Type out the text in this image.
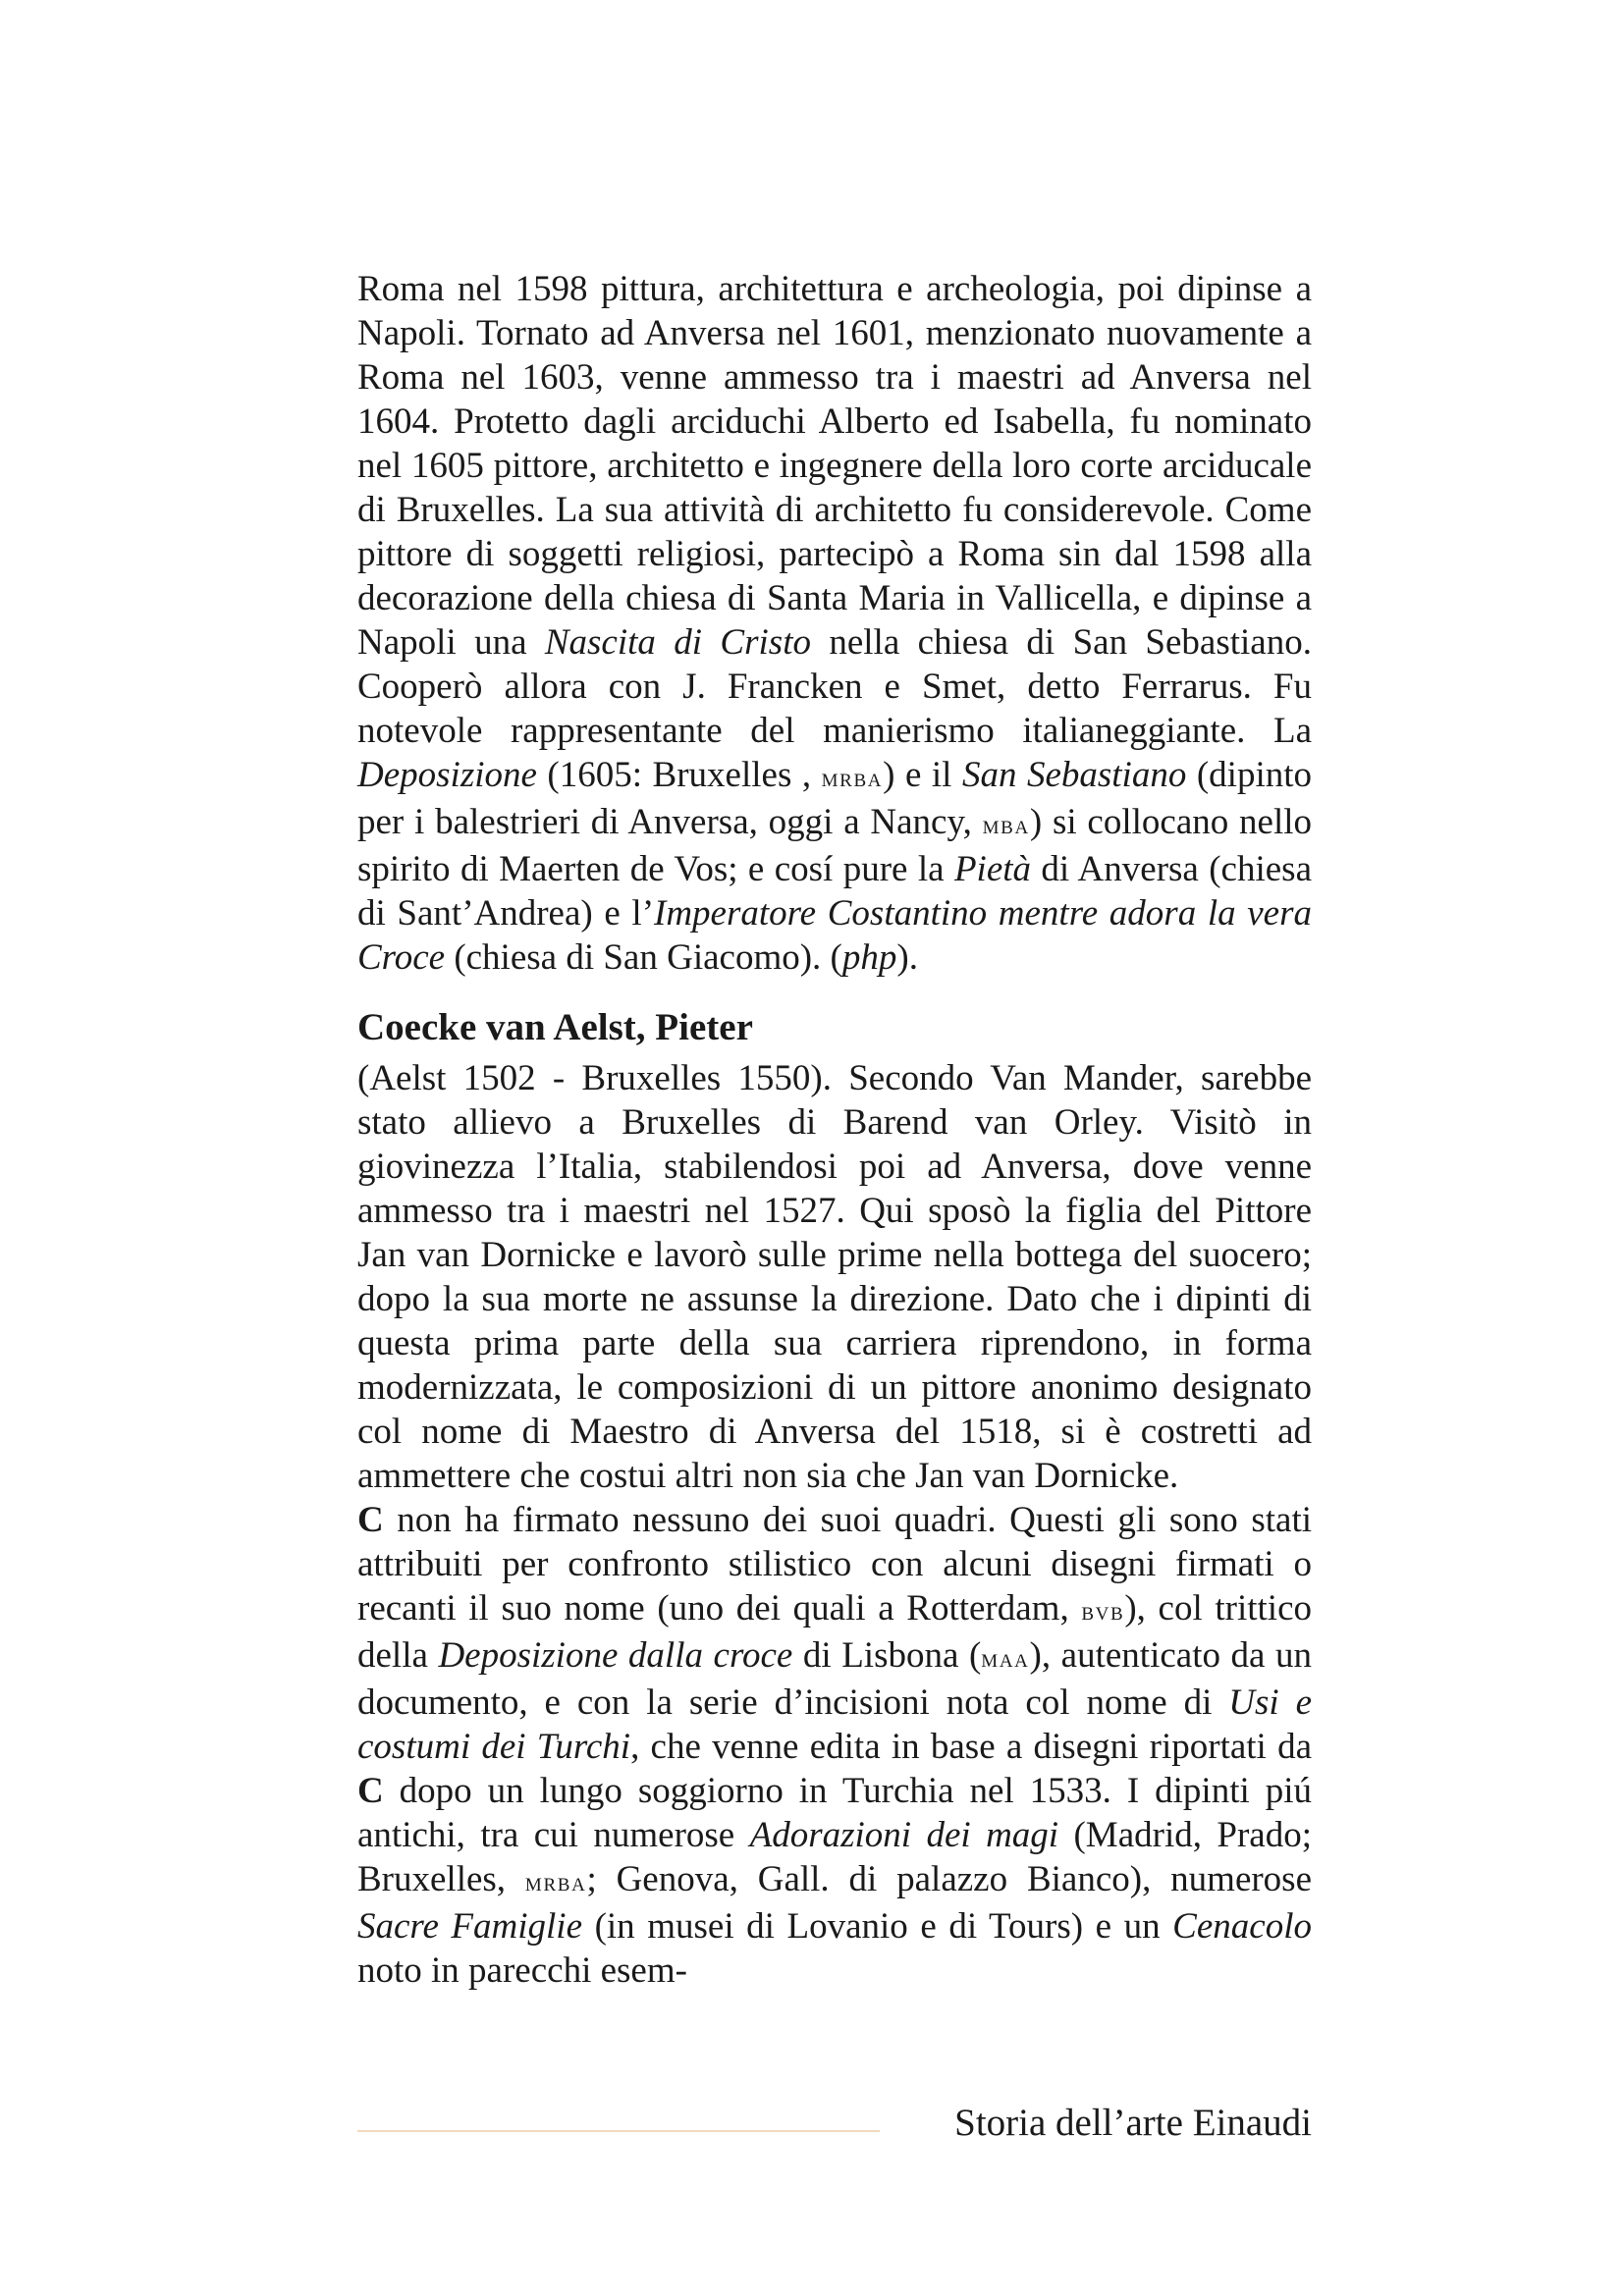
Roma nel 1598 pittura, architettura e archeologia, poi dipinse a Napoli. Tornato ad Anversa nel 1601, menzionato nuovamente a Roma nel 1603, venne ammesso tra i maestri ad Anversa nel 1604. Protetto dagli arciduchi Alberto ed Isabella, fu nominato nel 1605 pittore, architetto e ingegnere della loro corte arciducale di Bruxelles. La sua attività di architetto fu considerevole. Come pittore di soggetti religiosi, partecipò a Roma sin dal 1598 alla decorazione della chiesa di Santa Maria in Vallicella, e dipinse a Napoli una Nascita di Cristo nella chiesa di San Sebastiano. Cooperò allora con J. Francken e Smet, detto Ferrarus. Fu notevole rappresentante del manierismo italianeggiante. La Deposizione (1605: Bruxelles , mrba) e il San Sebastiano (dipinto per i balestrieri di Anversa, oggi a Nancy, mba) si collocano nello spirito di Maerten de Vos; e cosí pure la Pietà di Anversa (chiesa di Sant’Andrea) e l’Imperatore Costantino mentre adora la vera Croce (chiesa di San Giacomo). (php).

Coecke van Aelst, Pieter

(Aelst 1502 - Bruxelles 1550). Secondo Van Mander, sarebbe stato allievo a Bruxelles di Barend van Orley. Visitò in giovinezza l’Italia, stabilendosi poi ad Anversa, dove venne ammesso tra i maestri nel 1527. Qui sposò la figlia del Pittore Jan van Dornicke e lavorò sulle prime nella bottega del suocero; dopo la sua morte ne assunse la direzione. Dato che i dipinti di questa prima parte della sua carriera riprendono, in forma modernizzata, le composizioni di un pittore anonimo designato col nome di Maestro di Anversa del 1518, si è costretti ad ammettere che costui altri non sia che Jan van Dornicke.

C non ha firmato nessuno dei suoi quadri. Questi gli sono stati attribuiti per confronto stilistico con alcuni disegni firmati o recanti il suo nome (uno dei quali a Rotterdam, bvb), col trittico della Deposizione dalla croce di Lisbona (maa), autenticato da un documento, e con la serie d’incisioni nota col nome di Usi e costumi dei Turchi, che venne edita in base a disegni riportati da C dopo un lungo soggiorno in Turchia nel 1533. I dipinti piú antichi, tra cui numerose Adorazioni dei magi (Madrid, Prado; Bruxelles, mrba; Genova, Gall. di palazzo Bianco), numerose Sacre Famiglie (in musei di Lovanio e di Tours) e un Cenacolo noto in parecchi esem-

Storia dell’arte Einaudi
